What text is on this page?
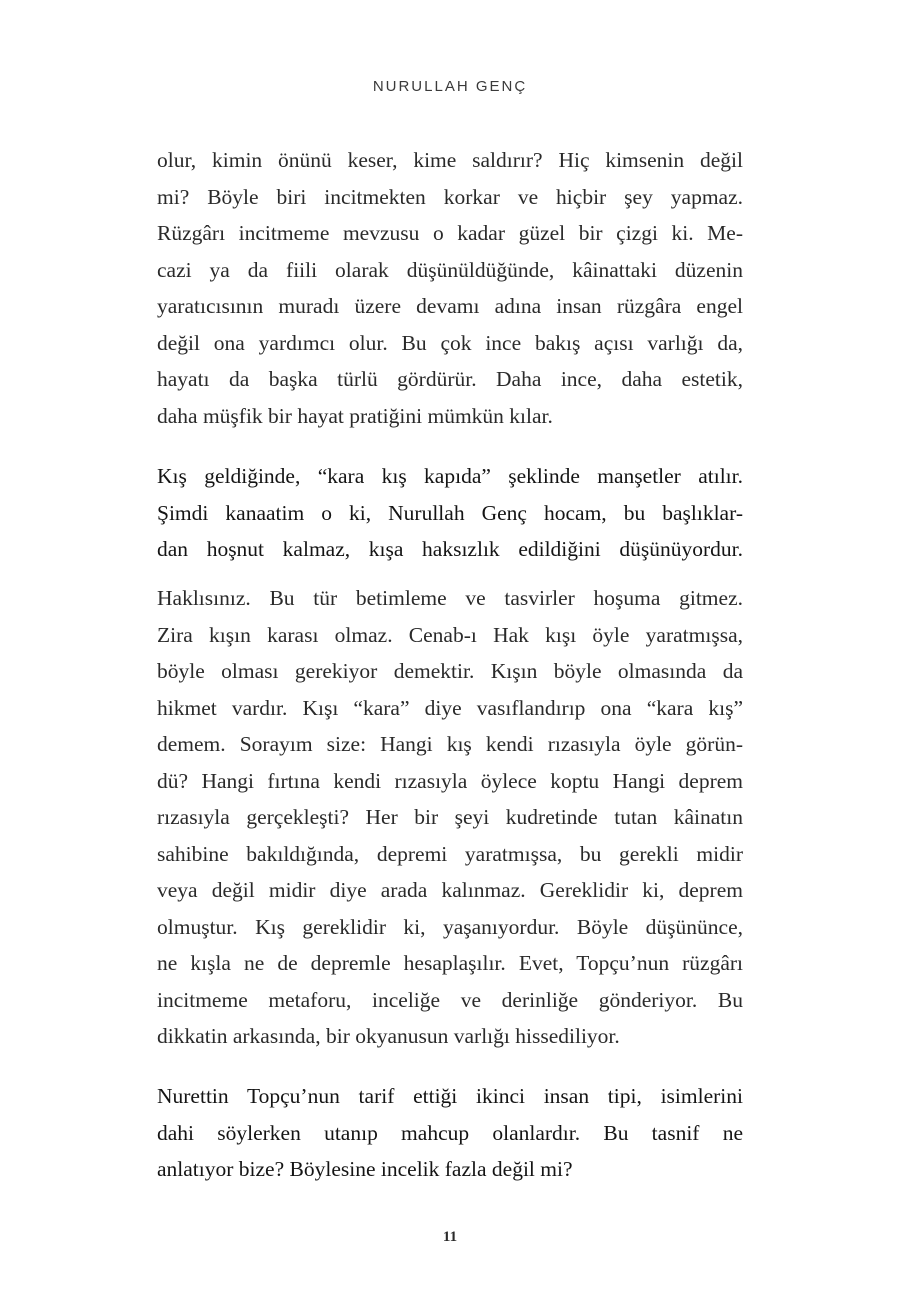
NURULLAH GENÇ
olur, kimin önünü keser, kime saldırır? Hiç kimsenin değil
mi? Böyle biri incitmekten korkar ve hiçbir şey yapmaz.
Rüzgârı incitmeme mevzusu o kadar güzel bir çizgi ki. Me-
cazi ya da fiili olarak düşünüldüğünde, kâinattaki düzenin
yaratıcısının muradı üzere devamı adına insan rüzgâra engel
değil ona yardımcı olur. Bu çok ince bakış açısı varlığı da,
hayatı da başka türlü gördürür. Daha ince, daha estetik,
daha müşfik bir hayat pratiğini mümkün kılar.
Kış geldiğinde, “kara kış kapıda” şeklinde manşetler atılır.
Şimdi kanaatim o ki, Nurullah Genç hocam, bu başlıklar-
dan hoşnut kalmaz, kışa haksızlık edildiğini düşünüyordur.
Haklısınız. Bu tür betimleme ve tasvirler hoşuma gitmez.
Zira kışın karası olmaz. Cenab-ı Hak kışı öyle yaratmışsa,
böyle olması gerekiyor demektir. Kışın böyle olmasında da
hikmet vardır. Kışı “kara” diye vasıflandırıp ona “kara kış”
demem. Sorayım size: Hangi kış kendi rızasıyla öyle görün-
dü? Hangi fırtına kendi rızasıyla öylece koptu Hangi deprem
rızasıyla gerçekleşti? Her bir şeyi kudretinde tutan kâinatın
sahibine bakıldığında, depremi yaratmışsa, bu gerekli midir
veya değil midir diye arada kalınmaz. Gereklidir ki, deprem
olmuştur. Kış gereklidir ki, yaşanıyordur. Böyle düşününce,
ne kışla ne de depremle hesaplaşılır. Evet, Topçu’nun rüzgârı
incitmeme metaforu, inceliğe ve derinliğe gönderiyor. Bu
dikkatin arkasında, bir okyanusun varlığı hissediliyor.
Nurettin Topçu’nun tarif ettiği ikinci insan tipi, isimlerini
dahi söylerken utanıp mahcup olanlardır. Bu tasnif ne
anlatıyor bize? Böylesine incelik fazla değil mi?
11
